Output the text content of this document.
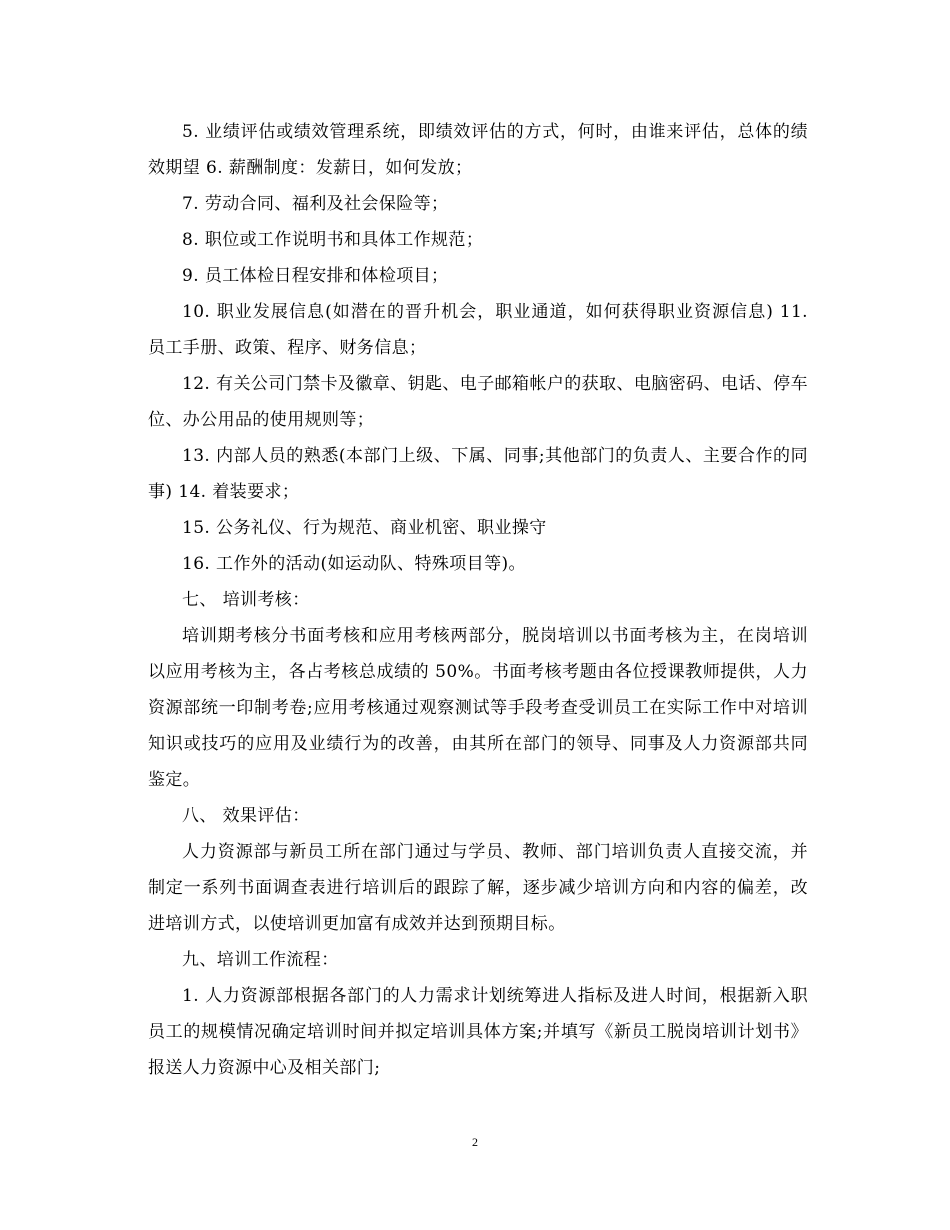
5. 业绩评估或绩效管理系统，即绩效评估的方式，何时，由谁来评估，总体的绩效期望 6. 薪酬制度：发薪日，如何发放；

7. 劳动合同、福利及社会保险等；

8. 职位或工作说明书和具体工作规范；

9. 员工体检日程安排和体检项目；

10. 职业发展信息(如潜在的晋升机会，职业通道，如何获得职业资源信息) 11. 员工手册、政策、程序、财务信息；

12. 有关公司门禁卡及徽章、钥匙、电子邮箱帐户的获取、电脑密码、电话、停车位、办公用品的使用规则等；

13. 内部人员的熟悉(本部门上级、下属、同事;其他部门的负责人、主要合作的同事) 14. 着装要求；

15. 公务礼仪、行为规范、商业机密、职业操守

16. 工作外的活动(如运动队、特殊项目等)。

七、 培训考核：

培训期考核分书面考核和应用考核两部分，脱岗培训以书面考核为主，在岗培训以应用考核为主，各占考核总成绩的 50%。书面考核考题由各位授课教师提供，人力资源部统一印制考卷;应用考核通过观察测试等手段考查受训员工在实际工作中对培训知识或技巧的应用及业绩行为的改善，由其所在部门的领导、同事及人力资源部共同鉴定。

八、 效果评估：

人力资源部与新员工所在部门通过与学员、教师、部门培训负责人直接交流，并制定一系列书面调查表进行培训后的跟踪了解，逐步减少培训方向和内容的偏差，改进培训方式，以使培训更加富有成效并达到预期目标。

九、培训工作流程：

1. 人力资源部根据各部门的人力需求计划统筹进人指标及进人时间，根据新入职员工的规模情况确定培训时间并拟定培训具体方案;并填写《新员工脱岗培训计划书》报送人力资源中心及相关部门;

2
